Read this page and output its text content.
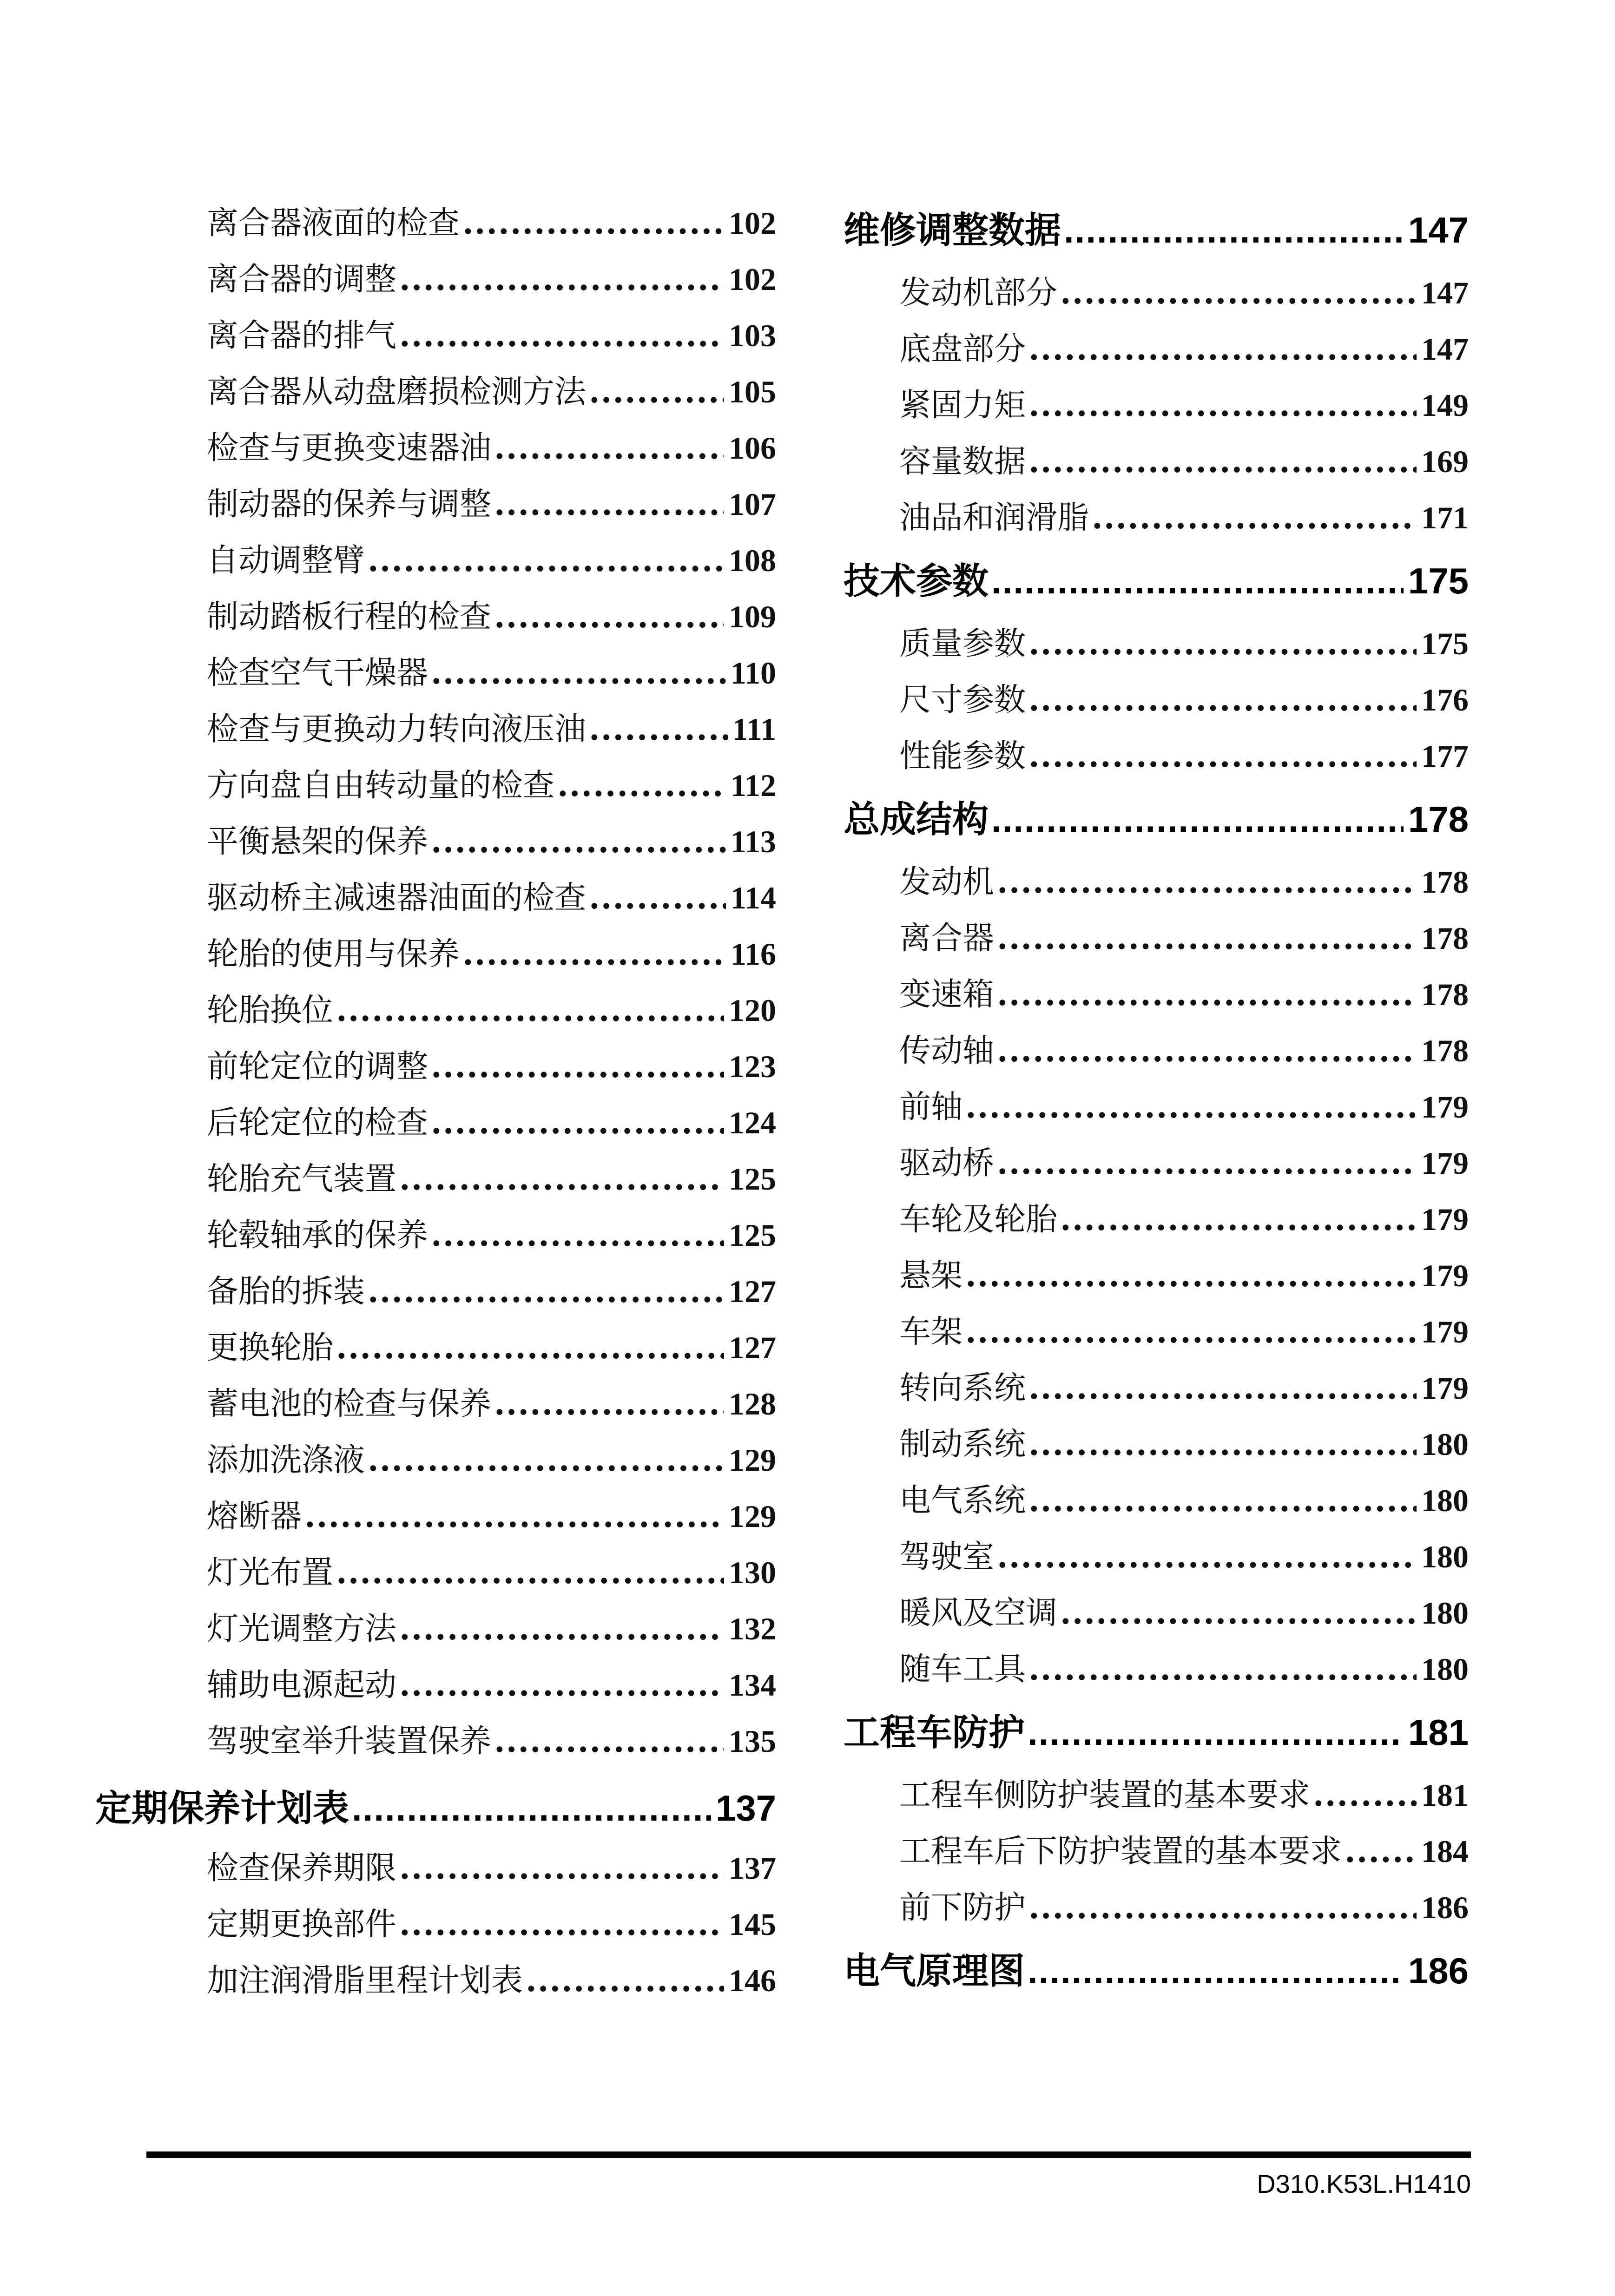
离合器液面的检查 .....	102
离合器的调整 .....	102
离合器的排气 .....	103
离合器从动盘磨损检测方法 .....	105
检查与更换变速器油 .....	106
制动器的保养与调整 .....	107
自动调整臂 .....	108
制动踏板行程的检查 .....	109
检查空气干燥器 .....	110
检查与更换动力转向液压油 .....	111
方向盘自由转动量的检查 .....	112
平衡悬架的保养 .....	113
驱动桥主减速器油面的检查 .....	114
轮胎的使用与保养 .....	116
轮胎换位 .....	120
前轮定位的调整 .....	123
后轮定位的检查 .....	124
轮胎充气装置 .....	125
轮毂轴承的保养 .....	125
备胎的拆装 .....	127
更换轮胎 .....	127
蓄电池的检查与保养 .....	128
添加洗涤液 .....	129
熔断器 .....	129
灯光布置 .....	130
灯光调整方法 .....	132
辅助电源起动 .....	134
驾驶室举升装置保养 .....	135
定期保养计划表 .....	137
检查保养期限 .....	137
定期更换部件 .....	145
加注润滑脂里程计划表 .....	146
维修调整数据 .....	147
发动机部分 .....	147
底盘部分 .....	147
紧固力矩 .....	149
容量数据 .....	169
油品和润滑脂 .....	171
技术参数 .....	175
质量参数 .....	175
尺寸参数 .....	176
性能参数 .....	177
总成结构 .....	178
发动机 .....	178
离合器 .....	178
变速箱 .....	178
传动轴 .....	178
前轴 .....	179
驱动桥 .....	179
车轮及轮胎 .....	179
悬架 .....	179
车架 .....	179
转向系统 .....	179
制动系统 .....	180
电气系统 .....	180
驾驶室 .....	180
暖风及空调 .....	180
随车工具 .....	180
工程车防护 .....	181
工程车侧防护装置的基本要求 .....	181
工程车后下防护装置的基本要求 .....	184
前下防护 .....	186
电气原理图 .....	186
D310.K53L.H1410
